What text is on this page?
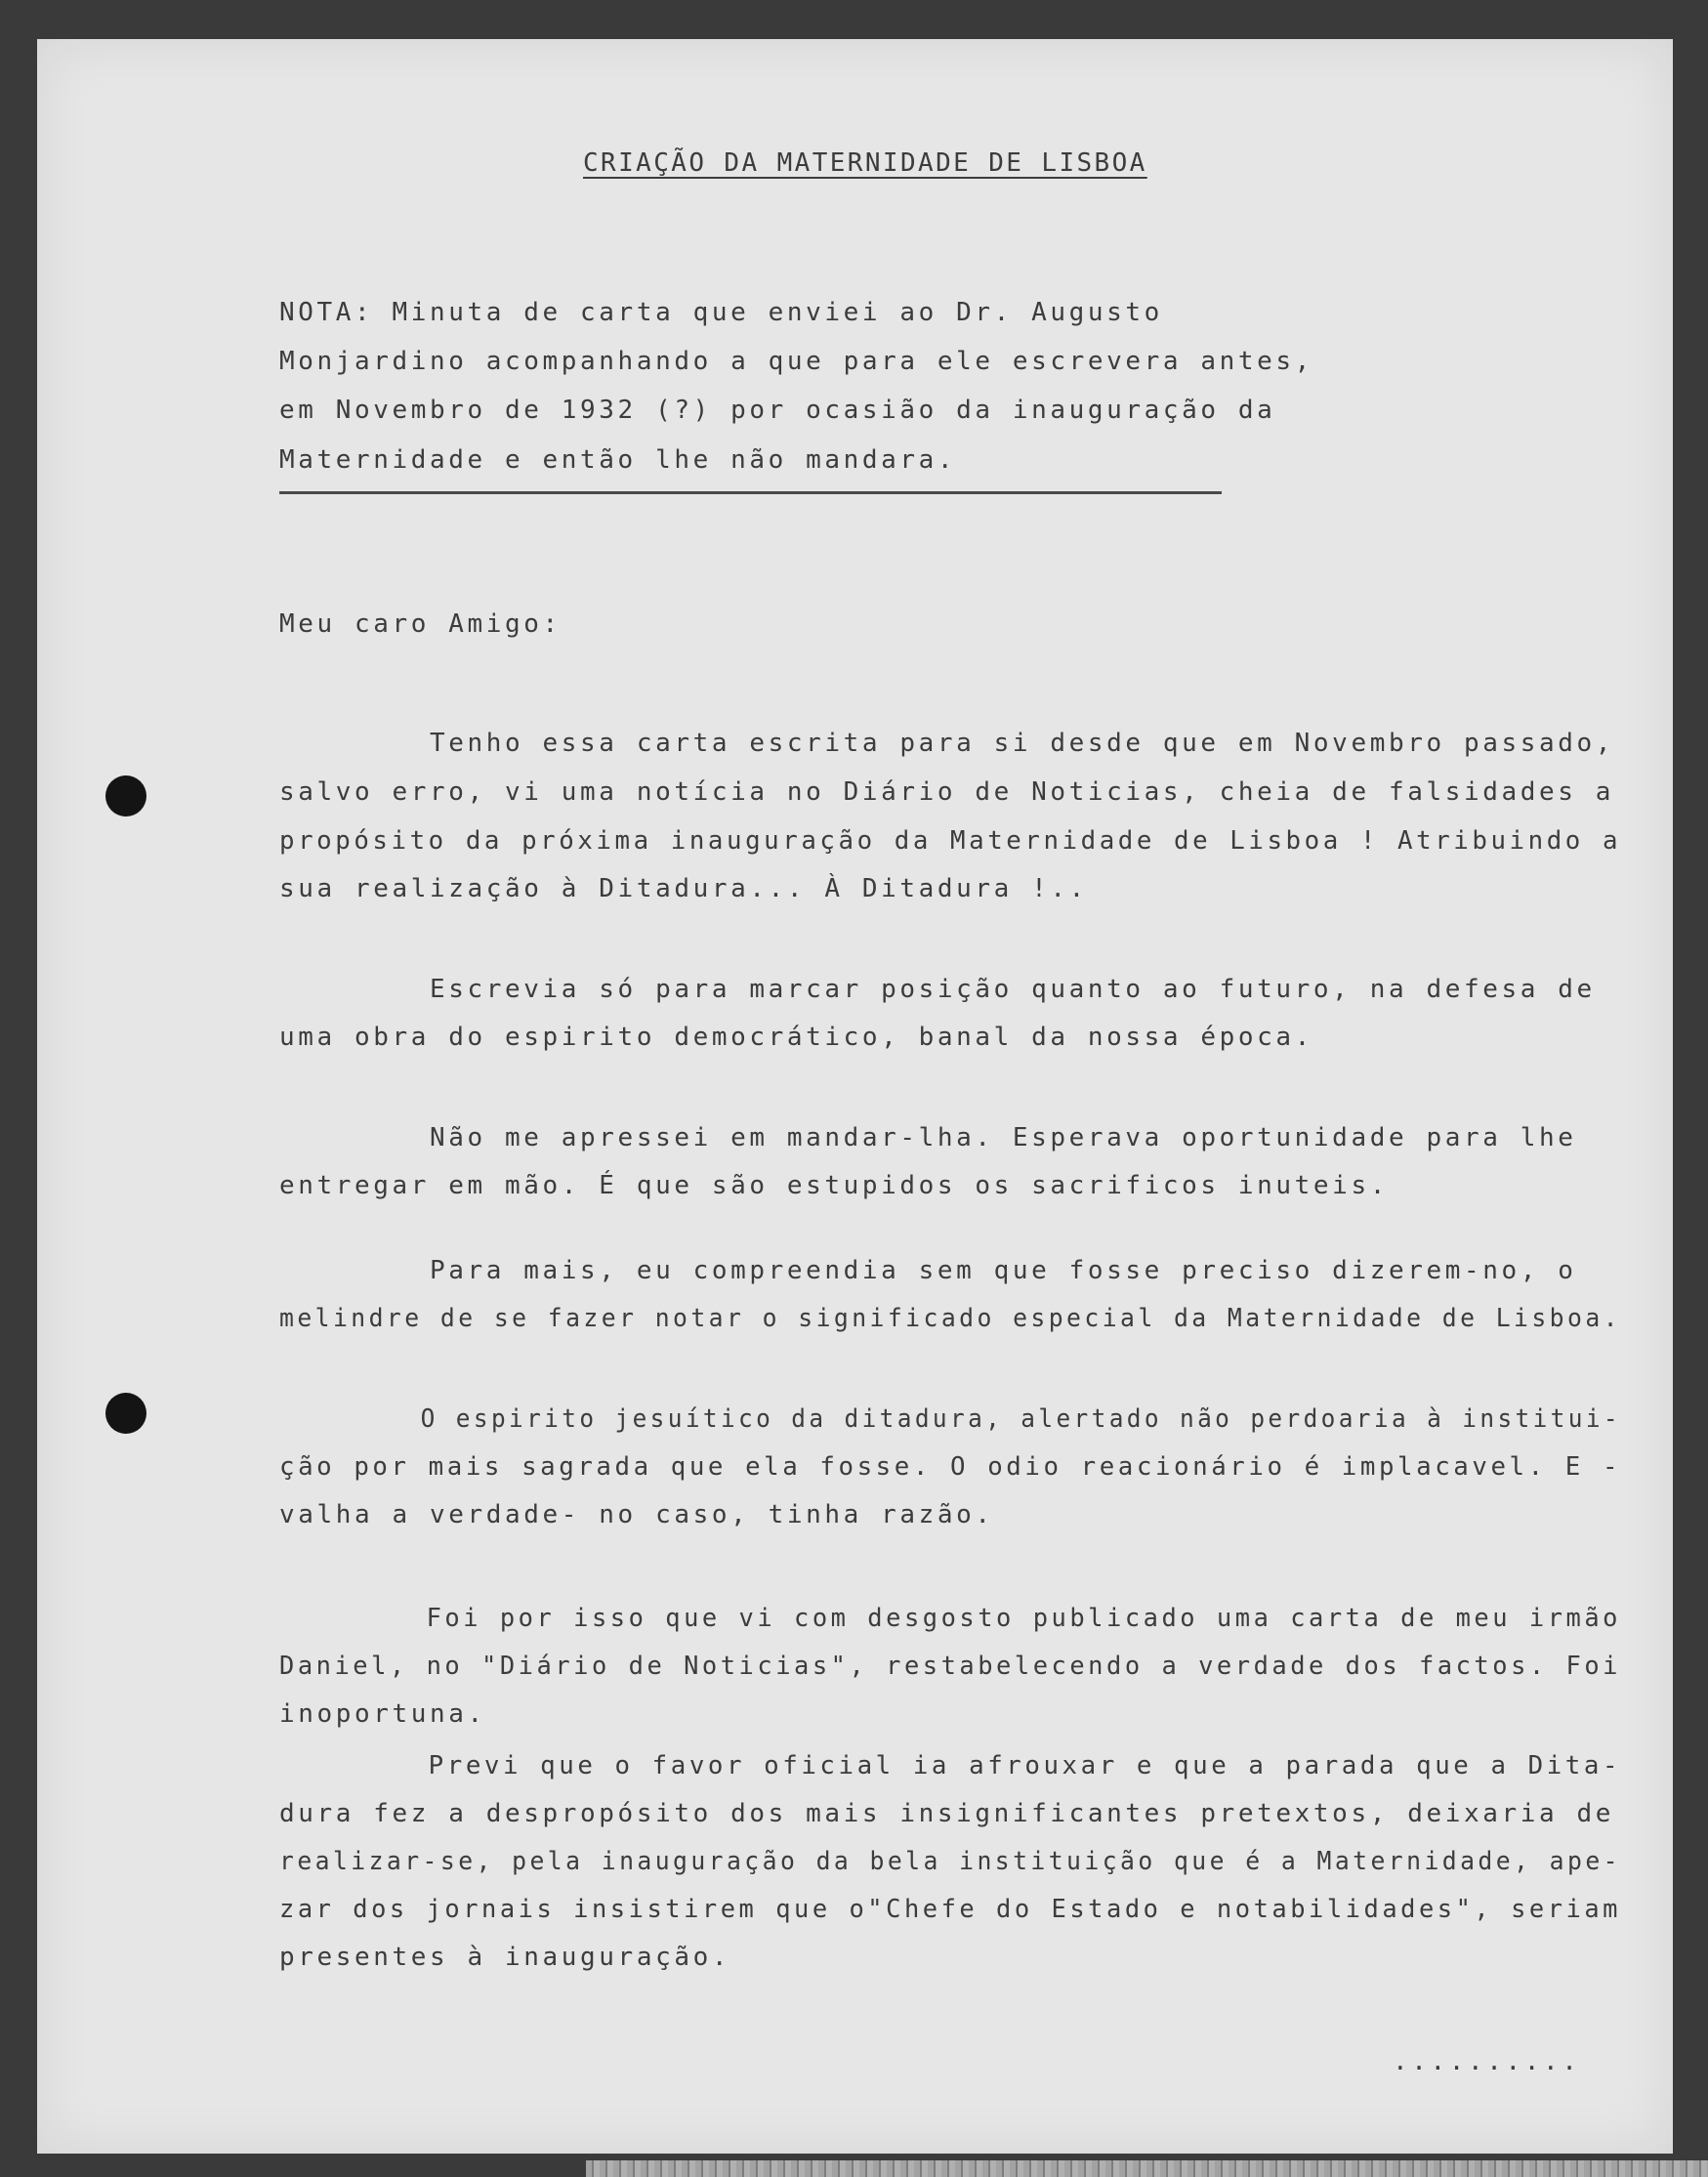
CRIAÇÃO DA MATERNIDADE DE LISBOA

NOTA: Minuta de carta que enviei ao Dr. Augusto

Monjardino acompanhando a que para ele escrevera antes,

em Novembro de 1932 (?) por ocasião da inauguração da

Maternidade e então lhe não mandara.

Meu caro Amigo:

Tenho essa carta escrita para si desde que em Novembro passado,

salvo erro, vi uma notícia no Diário de Noticias, cheia de falsidades a

propósito da próxima inauguração da Maternidade de Lisboa ! Atribuindo a

sua realização à Ditadura... À Ditadura !..

Escrevia só para marcar posição quanto ao futuro, na defesa de

uma obra do espirito democrático, banal da nossa época.

Não me apressei em mandar-lha. Esperava oportunidade para lhe

entregar em mão. É que são estupidos os sacrificos inuteis.

Para mais, eu compreendia sem que fosse preciso dizerem-no, o

melindre de se fazer notar o significado especial da Maternidade de Lisboa.

O espirito jesuítico da ditadura, alertado não perdoaria à institui-

ção por mais sagrada que ela fosse. O odio reacionário é implacavel. E -

valha a verdade- no caso, tinha razão.

Foi por isso que vi com desgosto publicado uma carta de meu irmão

Daniel, no "Diário de Noticias", restabelecendo a verdade dos factos. Foi

inoportuna.

Previ que o favor oficial ia afrouxar e que a parada que a Dita-

dura fez a despropósito dos mais insignificantes pretextos, deixaria de

realizar-se, pela inauguração da bela instituição que é a Maternidade, ape-

zar dos jornais insistirem que o"Chefe do Estado e notabilidades", seriam

presentes à inauguração.

..........
